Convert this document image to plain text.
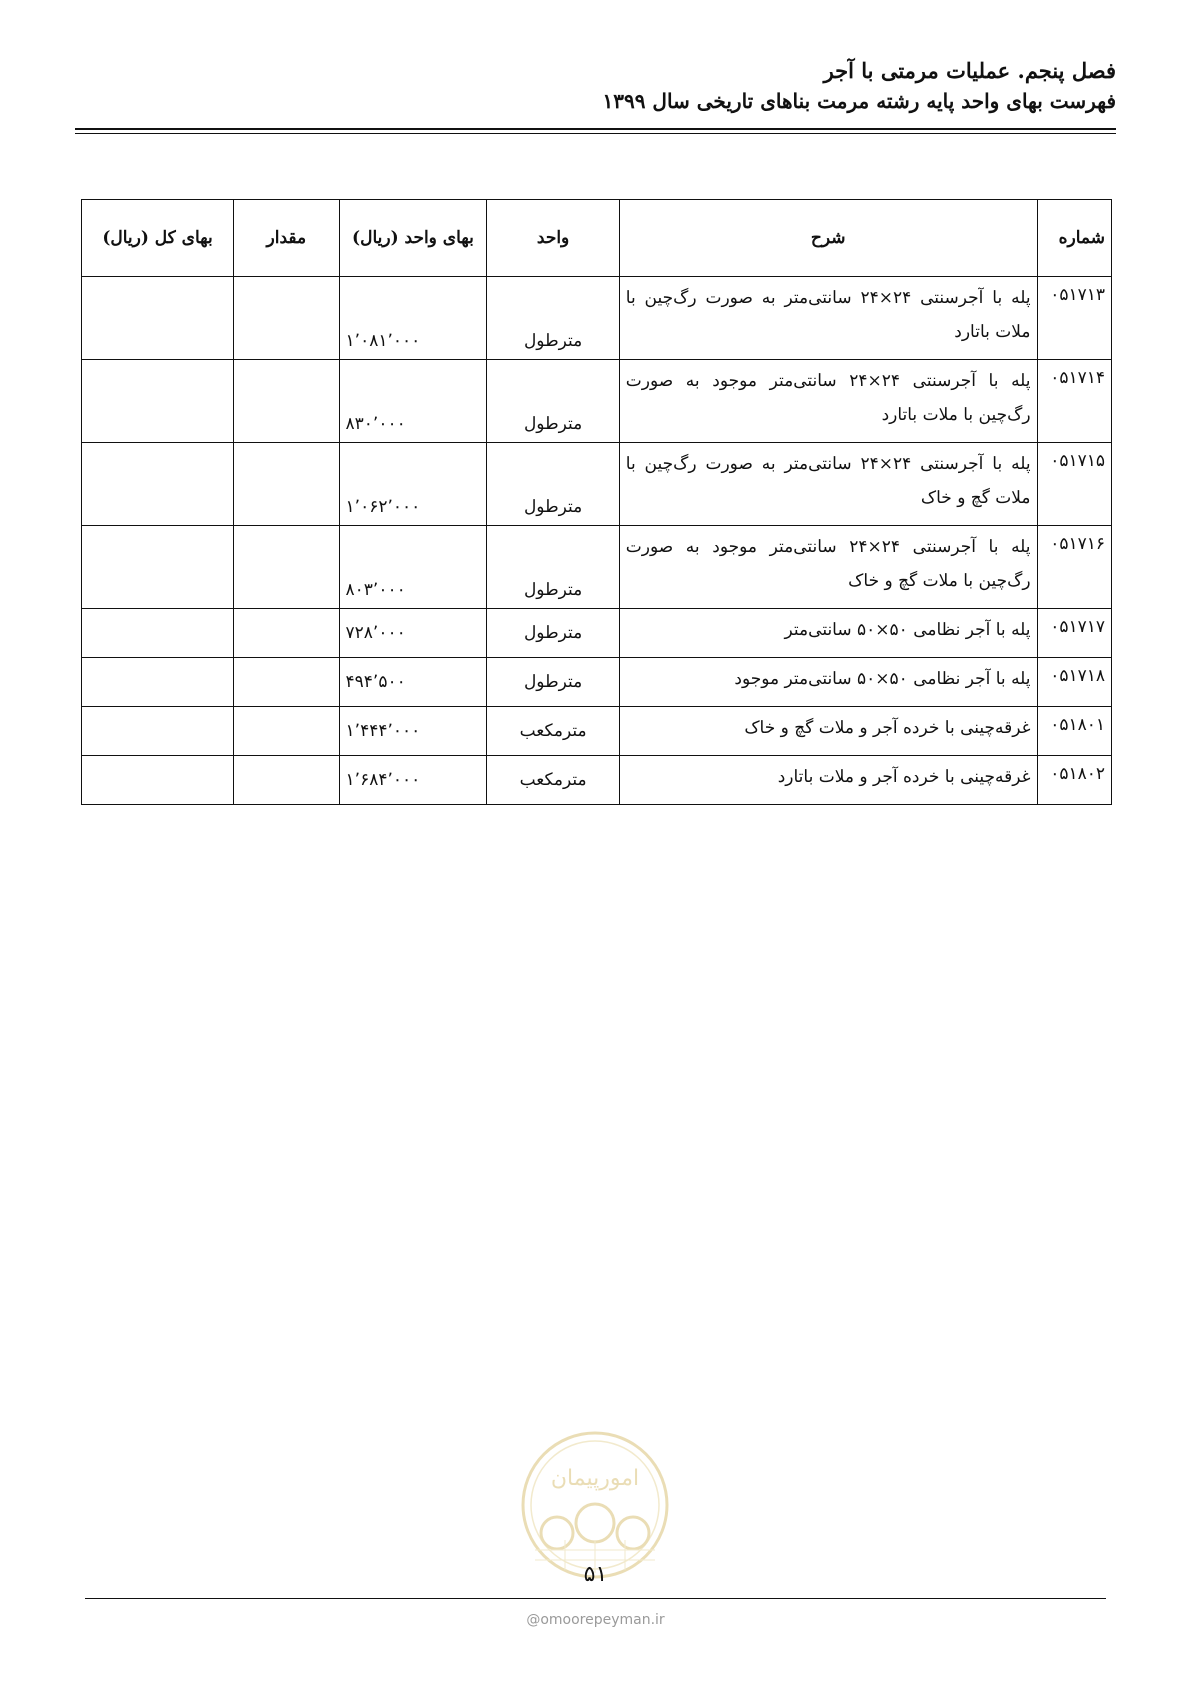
فصل پنجم. عملیات مرمتی با آجر
فهرست بهای واحد پایه رشته مرمت بناهای تاریخی سال ۱۳۹۹
شماره	شرح	واحد	بهای واحد (ریال)	مقدار	بهای کل (ریال)
۰۵۱۷۱۳	پله با آجرسنتی ۲۴×۲۴ سانتی‌متر به صورت رگ‌چین با ملات باتارد	مترطول	۱٬۰۸۱٬۰۰۰		
۰۵۱۷۱۴	پله با آجرسنتی ۲۴×۲۴ سانتی‌متر موجود به صورت رگ‌چین با ملات باتارد	مترطول	۸۳۰٬۰۰۰		
۰۵۱۷۱۵	پله با آجرسنتی ۲۴×۲۴ سانتی‌متر به صورت رگ‌چین با ملات گچ و خاک	مترطول	۱٬۰۶۲٬۰۰۰		
۰۵۱۷۱۶	پله با آجرسنتی ۲۴×۲۴ سانتی‌متر موجود به صورت رگ‌چین با ملات گچ و خاک	مترطول	۸۰۳٬۰۰۰		
۰۵۱۷۱۷	پله با آجر نظامی ۵۰×۵۰ سانتی‌متر	مترطول	۷۲۸٬۰۰۰		
۰۵۱۷۱۸	پله با آجر نظامی ۵۰×۵۰ سانتی‌متر موجود	مترطول	۴۹۴٬۵۰۰		
۰۵۱۸۰۱	غرقه‌چینی با خرده آجر و ملات گچ و خاک	مترمکعب	۱٬۴۴۴٬۰۰۰		
۰۵۱۸۰۲	غرقه‌چینی با خرده آجر و ملات باتارد	مترمکعب	۱٬۶۸۴٬۰۰۰		
امورپیمان
۵۱
@omoorepeyman.ir
